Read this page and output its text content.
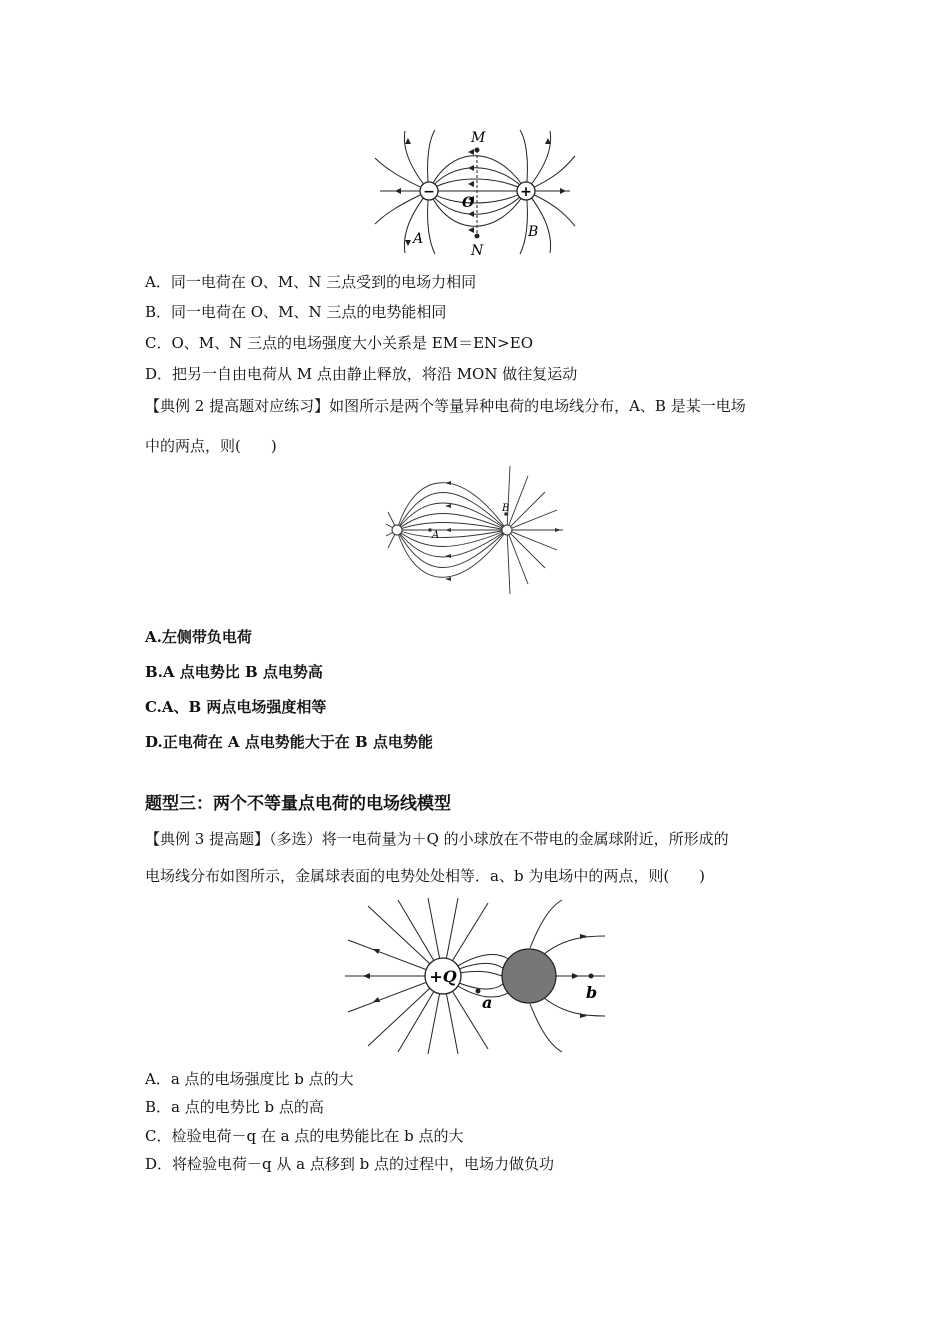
−	+
M
O
N
A	B
A．同一电荷在 O、M、N 三点受到的电场力相同
B．同一电荷在 O、M、N 三点的电势能相同
C．O、M、N 三点的电场强度大小关系是 EM＝EN>EO
D．把另一自由电荷从 M 点由静止释放，将沿 MON 做往复运动
【典例 2 提高题对应练习】如图所示是两个等量异种电荷的电场线分布，A、B 是某一电场
中的两点，则(　　)
A
B
A.左侧带负电荷
B.A 点电势比 B 点电势高
C.A、B 两点电场强度相等
D.正电荷在 A 点电势能大于在 B 点电势能
题型三：两个不等量点电荷的电场线模型
【典例 3 提高题】（多选）将一电荷量为＋Q 的小球放在不带电的金属球附近，所形成的
电场线分布如图所示，金属球表面的电势处处相等．a、b 为电场中的两点，则(　　)
+Q
a
b
A．a 点的电场强度比 b 点的大
B．a 点的电势比 b 点的高
C．检验电荷－q 在 a 点的电势能比在 b 点的大
D．将检验电荷－q 从 a 点移到 b 点的过程中，电场力做负功
